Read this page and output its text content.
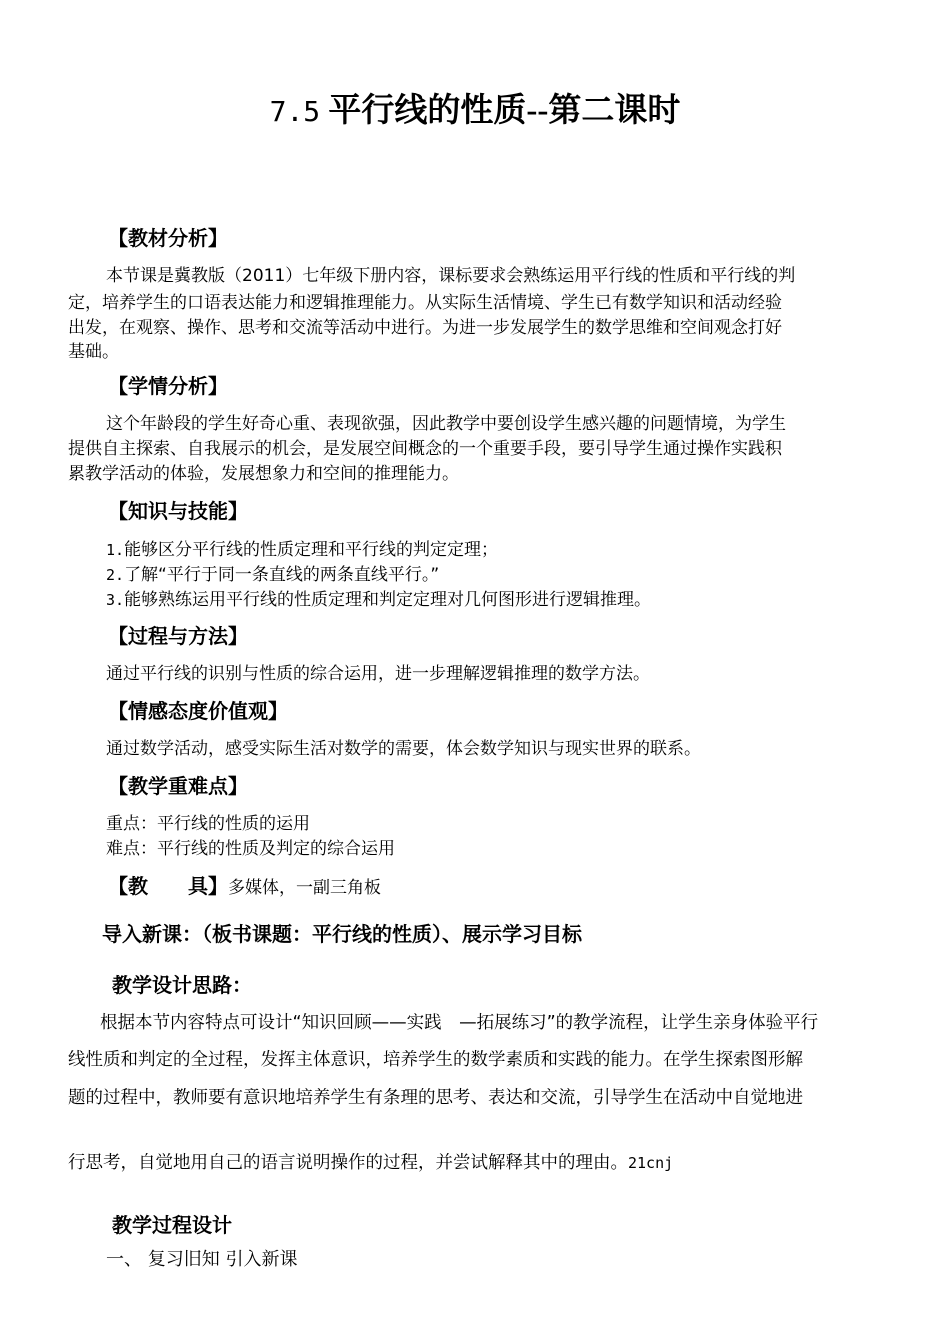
7.5 平行线的性质--第二课时
【教材分析】
本节课是冀教版（2011）七年级下册内容，课标要求会熟练运用平行线的性质和平行线的判
定，培养学生的口语表达能力和逻辑推理能力。从实际生活情境、学生已有数学知识和活动经验
出发，在观察、操作、思考和交流等活动中进行。为进一步发展学生的数学思维和空间观念打好
基础。
【学情分析】
这个年龄段的学生好奇心重、表现欲强，因此教学中要创设学生感兴趣的问题情境，为学生
提供自主探索、自我展示的机会，是发展空间概念的一个重要手段，要引导学生通过操作实践积
累教学活动的体验，发展想象力和空间的推理能力。
【知识与技能】
1.能够区分平行线的性质定理和平行线的判定定理；
2.了解“平行于同一条直线的两条直线平行。”
3.能够熟练运用平行线的性质定理和判定定理对几何图形进行逻辑推理。
【过程与方法】
通过平行线的识别与性质的综合运用，进一步理解逻辑推理的数学方法。
【情感态度价值观】
通过数学活动，感受实际生活对数学的需要，体会数学知识与现实世界的联系。
【教学重难点】
重点：平行线的性质的运用
难点：平行线的性质及判定的综合运用
【教　　具】多媒体，一副三角板
导入新课：（板书课题：平行线的性质）、展示学习目标
教学设计思路：
根据本节内容特点可设计“知识回顾——实践　—拓展练习”的教学流程，让学生亲身体验平行
线性质和判定的全过程，发挥主体意识，培养学生的数学素质和实践的能力。在学生探索图形解
题的过程中，教师要有意识地培养学生有条理的思考、表达和交流，引导学生在活动中自觉地进
行思考，自觉地用自己的语言说明操作的过程，并尝试解释其中的理由。21cnj
教学过程设计
一、 复习旧知 引入新课
